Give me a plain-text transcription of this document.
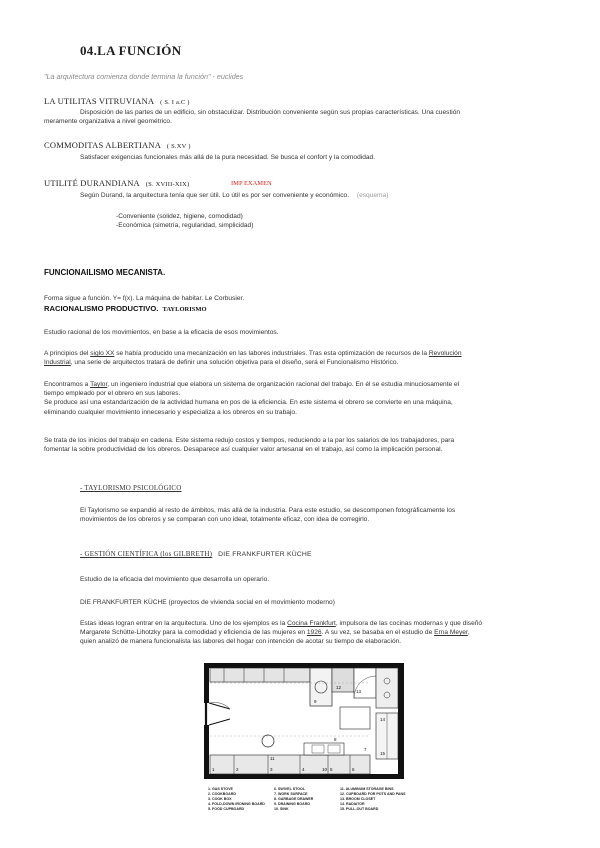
04.LA FUNCIÓN
"La arquitectura comienza donde termina la función" - euclides
LA UTILITAS VITRUVIANA ( S. I a.C )
Disposición de las partes de un edificio, sin obstaculizar. Distribución conveniente según sus propias características. Una cuestión
meramente organizativa a nivel geométrico.
COMMODITAS ALBERTIANA ( S.XV )
Satisfacer exigencias funcionales más allá de la pura necesidad. Se busca el confort y la comodidad.
UTILITÉ DURANDIANA (S. XVIII-XIX)	IMP EXAMEN
Según Durand, la arquitectura tenía que ser útil. Lo útil es por ser conveniente y económico. (esquema)
-Conveniente (solidez, higiene, comodidad)
-Económica (simetría, regularidad, simplicidad)
FUNCIONAILISMO MECANISTA.
Forma sigue a función. Y= f(x). La máquina de habitar. Le Corbusier.
RACIONALISMO PRODUCTIVO. TAYLORISMO
Estudio racional de los movimientos, en base a la eficacia de esos movimientos.
A principios del siglo XX se había producido una mecanización en las labores industriales. Tras esta optimización de recursos de la Revolución
Industrial, una serie de arquitectos tratará de definir una solución objetiva para el diseño, será el Funcionalismo Histórico.
Encontramos a Taylor, un ingeniero industrial que elabora un sistema de organización racional del trabajo. En él se estudia minuciosamente el
tiempo empleado por el obrero en sus labores.
Se produce así una estandarización de la actividad humana en pos de la eficiencia. En este sistema el obrero se convierte en una máquina,
eliminando cualquier movimiento innecesario y especializa a los obreros en su trabajo.
Se trata de los inicios del trabajo en cadena. Este sistema redujo costos y tiempos, reduciendo a la par los salarios de los trabajadores, para
fomentar la sobre productividad de los obreros. Desaparece así cualquier valor artesanal en el trabajo, así como la implicación personal.
- TAYLORISMO PSICOLÓGICO
El Taylorismo se expandió al resto de ámbitos, más allá de la industria. Para este estudio, se descomponen fotográficamente los
movimientos de los obreros y se comparan con uno ideal, totalmente eficaz, con idea de corregirlo.
- GESTIÓN CIENTÍFICA (los GILBRETH) DIE FRANKFURTER KÜCHE
Estudio de la eficacia del movimiento que desarrolla un operario.
DIE FRANKFURTER KÜCHE (proyectos de vivienda social en el movimiento moderno)
Estas ideas logran entrar en la arquitectura. Uno de los ejemplos es la Cocina Frankfurt, impulsora de las cocinas modernas y que diseñó
Margarete Schütte-Lihotzky para la comodidad y eficiencia de las mujeres en 1926. A su vez, se basaba en el estudio de Erna Meyer,
quien analizó de manera funcionalista las labores del hogar con intención de acotar su tiempo de elaboración.
1	2	3	4	5	6
7
8
9
10
11
12
13
14
15
1. GAS STOVE
2. COOKBOARD
3. COOK BOX
4. FOLD-DOWN IRONING BOARD
5. FOOD CUPBOARD
6. SWIVEL STOOL
7. WORK SURFACE
8. GARBAGE DRAWER
9. DRAINING BOARD
10. SINK
11. ALUMINUM STORAGE BINS
12. CUPBOARD FOR POTS AND PANS
13. BROOM CLOSET
14. RADIATOR
15. PULL-OUT BOARD
